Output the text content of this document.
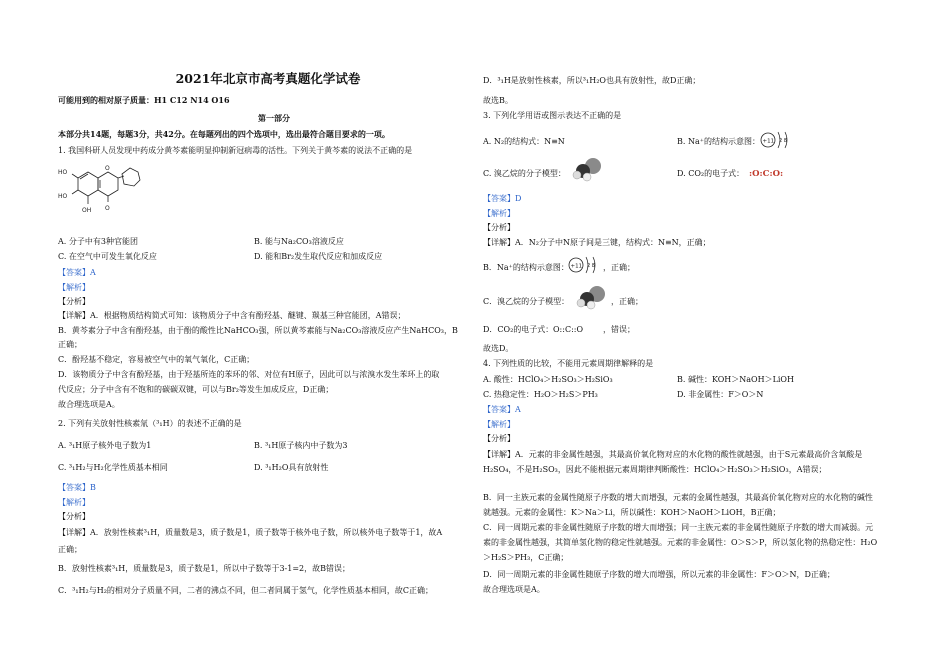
2021年北京市高考真题化学试卷
可能用到的相对原子质量：H1 C12 N14 O16
第一部分
本部分共14题，每题3分，共42分。在每题列出的四个选项中，选出最符合题目要求的一项。
1. 我国科研人员发现中药成分黄芩素能明显抑制新冠病毒的活性。下列关于黄芩素的说法不正确的是
HO
HO
OH O
O
A. 分子中有3种官能团	B. 能与Na₂CO₃溶液反应
C. 在空气中可发生氧化反应	D. 能和Br₂发生取代反应和加成反应
【答案】A
【解析】
【分析】
【详解】A．根据物质结构简式可知：该物质分子中含有酚羟基、醚键、羰基三种官能团，A错误；
B．黄芩素分子中含有酚羟基，由于酚的酸性比NaHCO₃强，所以黄芩素能与Na₂CO₃溶液反应产生NaHCO₃，B
正确；
C．酚羟基不稳定，容易被空气中的氧气氧化，C正确；
D．该物质分子中含有酚羟基，由于羟基所连的苯环的邻、对位有H原子，因此可以与浓溴水发生苯环上的取
代反应；分子中含有不饱和的碳碳双键，可以与Br₂等发生加成反应，D正确；
故合理选项是A。
2. 下列有关放射性核素氚（³₁H）的表述不正确的是
A. ³₁H原子核外电子数为1	B. ³₁H原子核内中子数为3
C. ³₁H₂与H₂化学性质基本相同	D. ³₁H₂O具有放射性
【答案】B
【解析】
【分析】
【详解】A．放射性核素³₁H，质量数是3，质子数是1，质子数等于核外电子数，所以核外电子数等于1，故A
正确；
B．放射性核素³₁H，质量数是3，质子数是1，所以中子数等于3-1=2，故B错误；
C．³₁H₂与H₂的相对分子质量不同，二者的沸点不同，但二者同属于氢气，化学性质基本相同，故C正确；
D．³₁H是放射性核素，所以³₁H₂O也具有放射性，故D正确；
故选B。
3. 下列化学用语或图示表达不正确的是
A. N₂的结构式：N≡N	B. Na⁺的结构示意图： +11 2 8
C. 溴乙烷的分子模型：	D. CO₂的电子式： :O:C:O:
【答案】D
【解析】
【分析】
【详解】A．N₂分子中N原子间是三键，结构式：N≡N，正确；
B．Na⁺的结构示意图： +11 2 8 ，正确；
C．溴乙烷的分子模型：	，正确；
D．CO₂的电子式： O::C::O ，错误；
故选D。
4. 下列性质的比较，不能用元素周期律解释的是
A. 酸性：HClO₄＞H₂SO₃＞H₂SiO₃	B. 碱性：KOH＞NaOH＞LiOH
C. 热稳定性：H₂O＞H₂S＞PH₃	D. 非金属性：F＞O＞N
【答案】A
【解析】
【分析】
【详解】A．元素的非金属性越强，其最高价氧化物对应的水化物的酸性就越强，由于S元素最高价含氧酸是
H₂SO₄，不是H₂SO₃，因此不能根据元素周期律判断酸性：HClO₄＞H₂SO₃＞H₂SiO₃，A错误；
B．同一主族元素的金属性随原子序数的增大而增强，元素的金属性越强，其最高价氧化物对应的水化物的碱性
就越强。元素的金属性：K＞Na＞Li，所以碱性：KOH＞NaOH＞LiOH，B正确；
C．同一周期元素的非金属性随原子序数的增大而增强；同一主族元素的非金属性随原子序数的增大而减弱。元
素的非金属性越强，其简单氢化物的稳定性就越强。元素的非金属性：O＞S＞P，所以氢化物的热稳定性：H₂O
＞H₂S＞PH₃，C正确；
D．同一周期元素的非金属性随原子序数的增大而增强，所以元素的非金属性：F＞O＞N，D正确；
故合理选项是A。
